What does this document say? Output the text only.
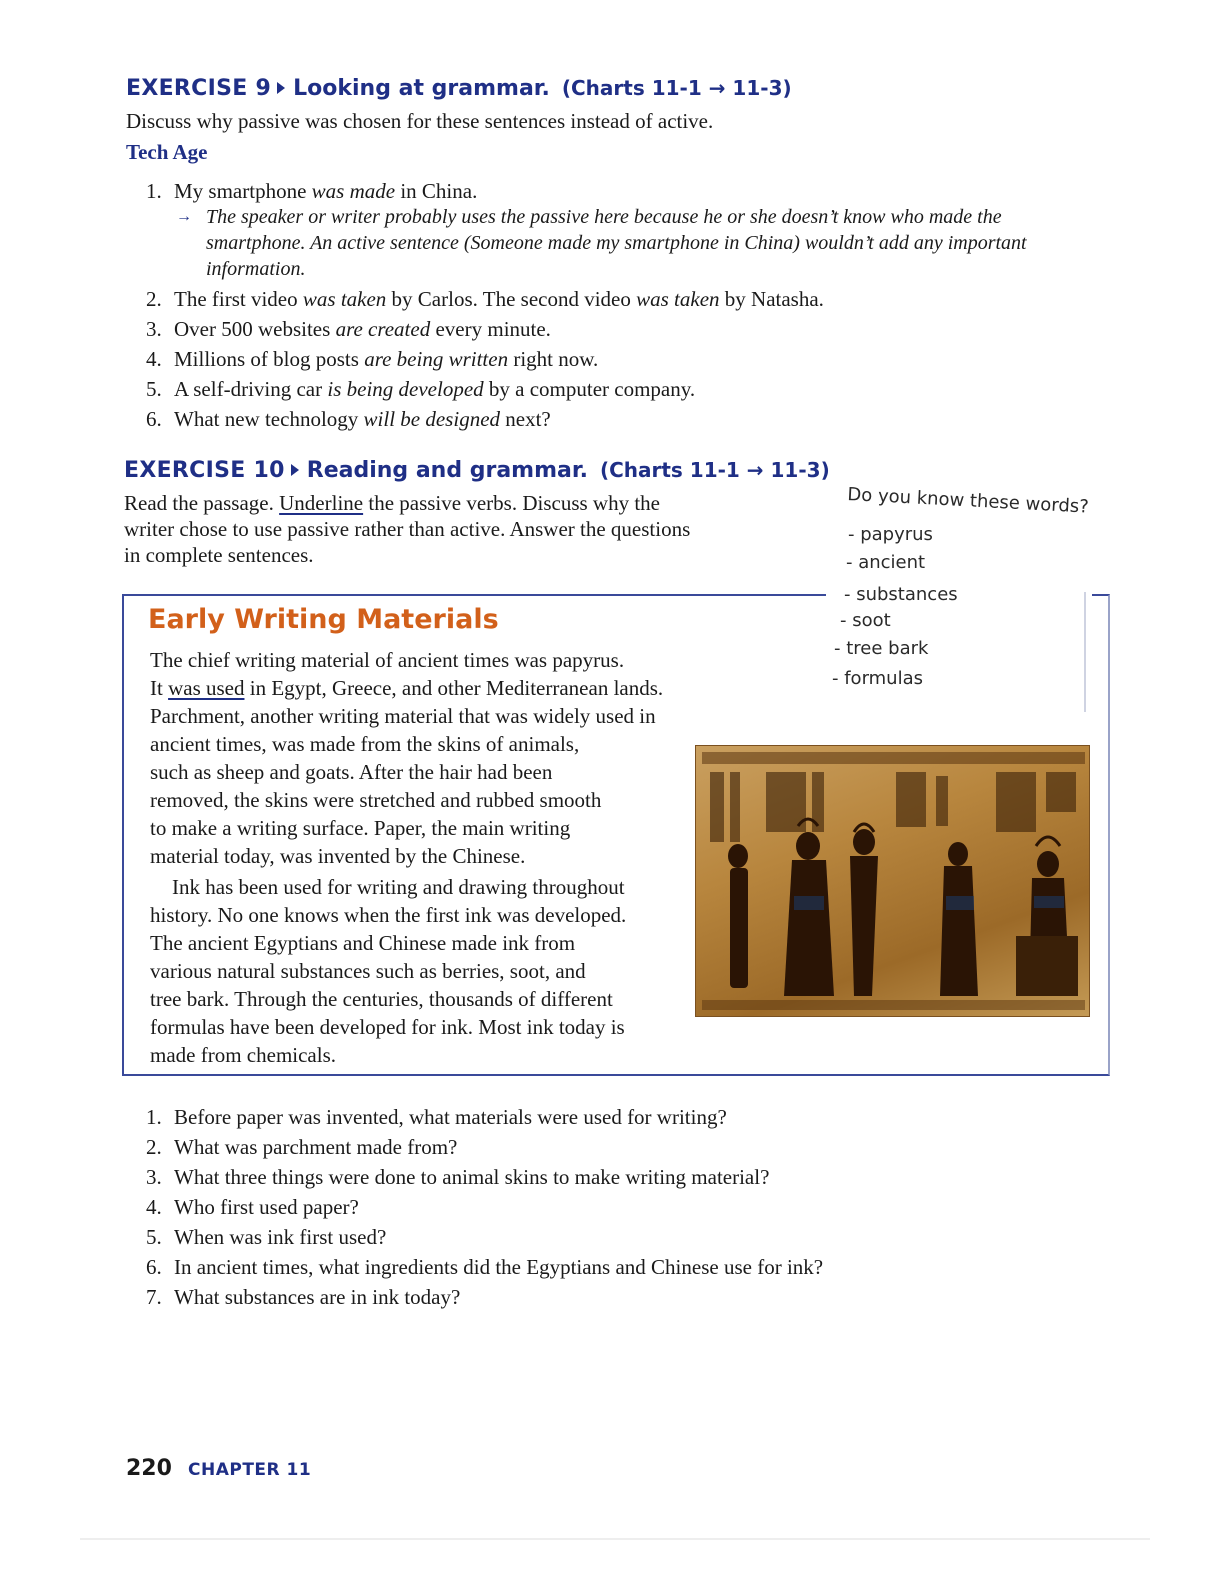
EXERCISE 9 Looking at grammar. (Charts 11-1 → 11-3)
Discuss why passive was chosen for these sentences instead of active.
Tech Age
1. My smartphone was made in China.
→ The speaker or writer probably uses the passive here because he or she doesn’t know who made the smartphone. An active sentence (Someone made my smartphone in China) wouldn’t add any important information.
2. The first video was taken by Carlos. The second video was taken by Natasha.
3. Over 500 websites are created every minute.
4. Millions of blog posts are being written right now.
5. A self-driving car is being developed by a computer company.
6. What new technology will be designed next?
EXERCISE 10 Reading and grammar. (Charts 11-1 → 11-3)
Read the passage. Underline the passive verbs. Discuss why the
writer chose to use passive rather than active. Answer the questions
in complete sentences.
Early Writing Materials

The chief writing material of ancient times was papyrus.

It was used in Egypt, Greece, and other Mediterranean lands.

Parchment, another writing material that was widely used in

ancient times, was made from the skins of animals,

such as sheep and goats. After the hair had been

removed, the skins were stretched and rubbed smooth

to make a writing surface. Paper, the main writing

material today, was invented by the Chinese.

Ink has been used for writing and drawing throughout

history. No one knows when the first ink was developed.

The ancient Egyptians and Chinese made ink from

various natural substances such as berries, soot, and

tree bark. Through the centuries, thousands of different

formulas have been developed for ink. Most ink today is

made from chemicals.

Do you know these words?
- papyrus
- ancient
- substances
- soot
- tree bark
- formulas
1. Before paper was invented, what materials were used for writing?
2. What was parchment made from?
3. What three things were done to animal skins to make writing material?
4. Who first used paper?
5. When was ink first used?
6. In ancient times, what ingredients did the Egyptians and Chinese use for ink?
7. What substances are in ink today?
220 CHAPTER 11
